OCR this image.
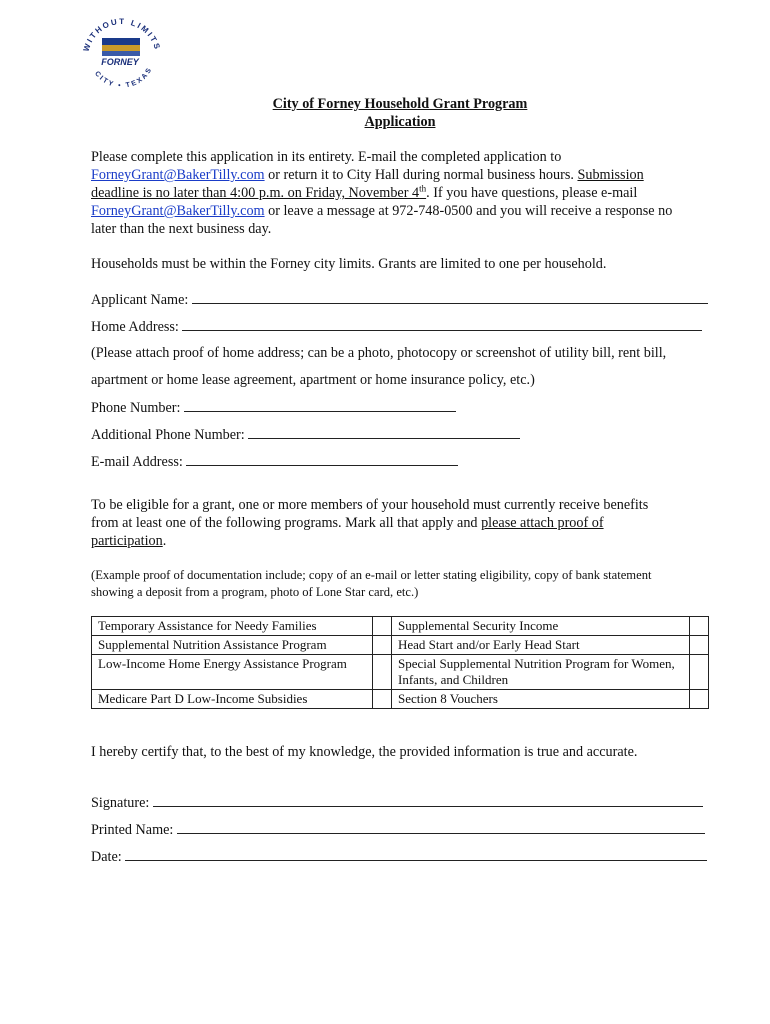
WITHOUT LIMITS
CITY • TEXAS
FORNEY
City of Forney Household Grant Program
Application
Please complete this application in its entirety. E-mail the completed application to
ForneyGrant@BakerTilly.com or return it to City Hall during normal business hours. Submission
deadline is no later than 4:00 p.m. on Friday, November 4th. If you have questions, please e-mail
ForneyGrant@BakerTilly.com or leave a message at 972-748-0500 and you will receive a response no
later than the next business day.
Households must be within the Forney city limits. Grants are limited to one per household.
Applicant Name:
Home Address:
(Please attach proof of home address; can be a photo, photocopy or screenshot of utility bill, rent bill,
apartment or home lease agreement, apartment or home insurance policy, etc.)
Phone Number:
Additional Phone Number:
E-mail Address:
To be eligible for a grant, one or more members of your household must currently receive benefits
from at least one of the following programs. Mark all that apply and please attach proof of
participation.
(Example proof of documentation include; copy of an e-mail or letter stating eligibility, copy of bank statement
showing a deposit from a program, photo of Lone Star card, etc.)
Temporary Assistance for Needy Families		Supplemental Security Income	

Supplemental Nutrition Assistance Program		Head Start and/or Early Head Start	

Low-Income Home Energy Assistance Program		Special Supplemental Nutrition Program for Women, Infants, and Children	

Medicare Part D Low-Income Subsidies		Section 8 Vouchers	
I hereby certify that, to the best of my knowledge, the provided information is true and accurate.
Signature:
Printed Name:
Date:
